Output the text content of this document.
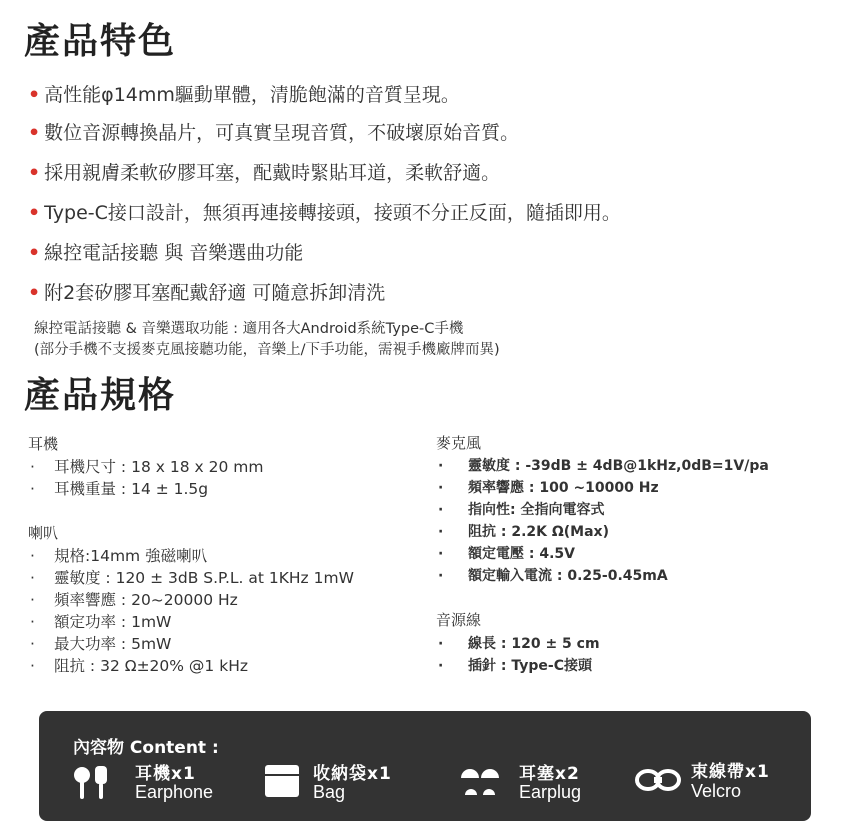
產品特色
• 高性能φ14mm驅動單體，清脆飽滿的音質呈現。
• 數位音源轉換晶片，可真實呈現音質，不破壞原始音質。
• 採用親膚柔軟矽膠耳塞，配戴時緊貼耳道，柔軟舒適。
• Type-C接口設計，無須再連接轉接頭，接頭不分正反面，隨插即用。
• 線控電話接聽 與 音樂選曲功能
• 附2套矽膠耳塞配戴舒適 可隨意拆卸清洗
線控電話接聽 & 音樂選取功能 : 適用各大Android系統Type-C手機
(部分手機不支援麥克風接聽功能，音樂上/下手功能，需視手機廠牌而異)
產品規格
耳機
· 耳機尺寸 : 18 x 18 x 20 mm
· 耳機重量 : 14 ± 1.5g
喇叭
· 規格:14mm 強磁喇叭
· 靈敏度 : 120 ± 3dB S.P.L. at 1KHz 1mW
· 頻率響應 : 20~20000 Hz
· 額定功率 : 1mW
· 最大功率 : 5mW
· 阻抗 : 32 Ω±20% @1 kHz
麥克風
· 靈敏度 : -39dB ± 4dB@1kHz,0dB=1V/pa
· 頻率響應 : 100 ~10000 Hz
· 指向性: 全指向電容式
· 阻抗 : 2.2K Ω(Max)
· 額定電壓 : 4.5V
· 額定輸入電流 : 0.25-0.45mA
音源線
· 線長 : 120 ± 5 cm
· 插針 : Type-C接頭
內容物 Content :
耳機x1
Earphone
收納袋x1
Bag
耳塞x2
Earplug
束線帶x1
Velcro
